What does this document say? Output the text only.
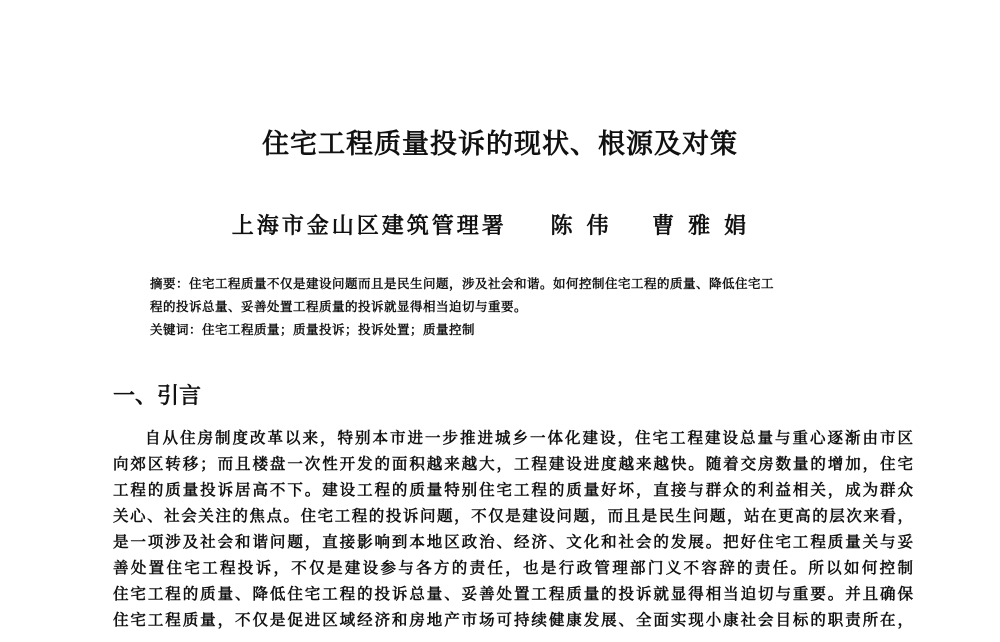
住宅工程质量投诉的现状、根源及对策
上海市金山区建筑管理署 陈伟 曹雅娟

摘要：住宅工程质量不仅是建设问题而且是民生问题，涉及社会和谐。如何控制住宅工程的质量、降低住宅工

程的投诉总量、妥善处置工程质量的投诉就显得相当迫切与重要。

关键词：住宅工程质量；质量投诉；投诉处置；质量控制

一、引言
自从住房制度改革以来，特别本市进一步推进城乡一体化建设，住宅工程建设总量与重心逐渐由市区
向郊区转移；而且楼盘一次性开发的面积越来越大，工程建设进度越来越快。随着交房数量的增加，住宅
工程的质量投诉居高不下。建设工程的质量特别住宅工程的质量好坏，直接与群众的利益相关，成为群众
关心、社会关注的焦点。住宅工程的投诉问题，不仅是建设问题，而且是民生问题，站在更高的层次来看，
是一项涉及社会和谐问题，直接影响到本地区政治、经济、文化和社会的发展。把好住宅工程质量关与妥
善处置住宅工程投诉，不仅是建设参与各方的责任，也是行政管理部门义不容辞的责任。所以如何控制
住宅工程的质量、降低住宅工程的投诉总量、妥善处置工程质量的投诉就显得相当迫切与重要。并且确保
住宅工程质量，不仅是促进区域经济和房地产市场可持续健康发展、全面实现小康社会目标的职责所在，
